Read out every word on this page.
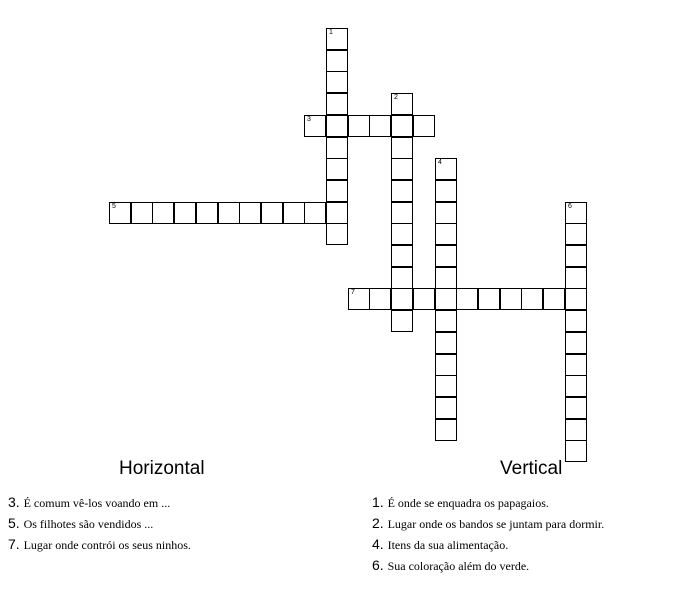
1
2
4
6
3
5
7
Horizontal	Vertical
3. É comum vê-los voando em ...
5. Os filhotes são vendidos ...
7. Lugar onde contrói os seus ninhos.
1. É onde se enquadra os papagaios.
2. Lugar onde os bandos se juntam para dormir.
4. Itens da sua alimentação.
6. Sua coloração além do verde.
